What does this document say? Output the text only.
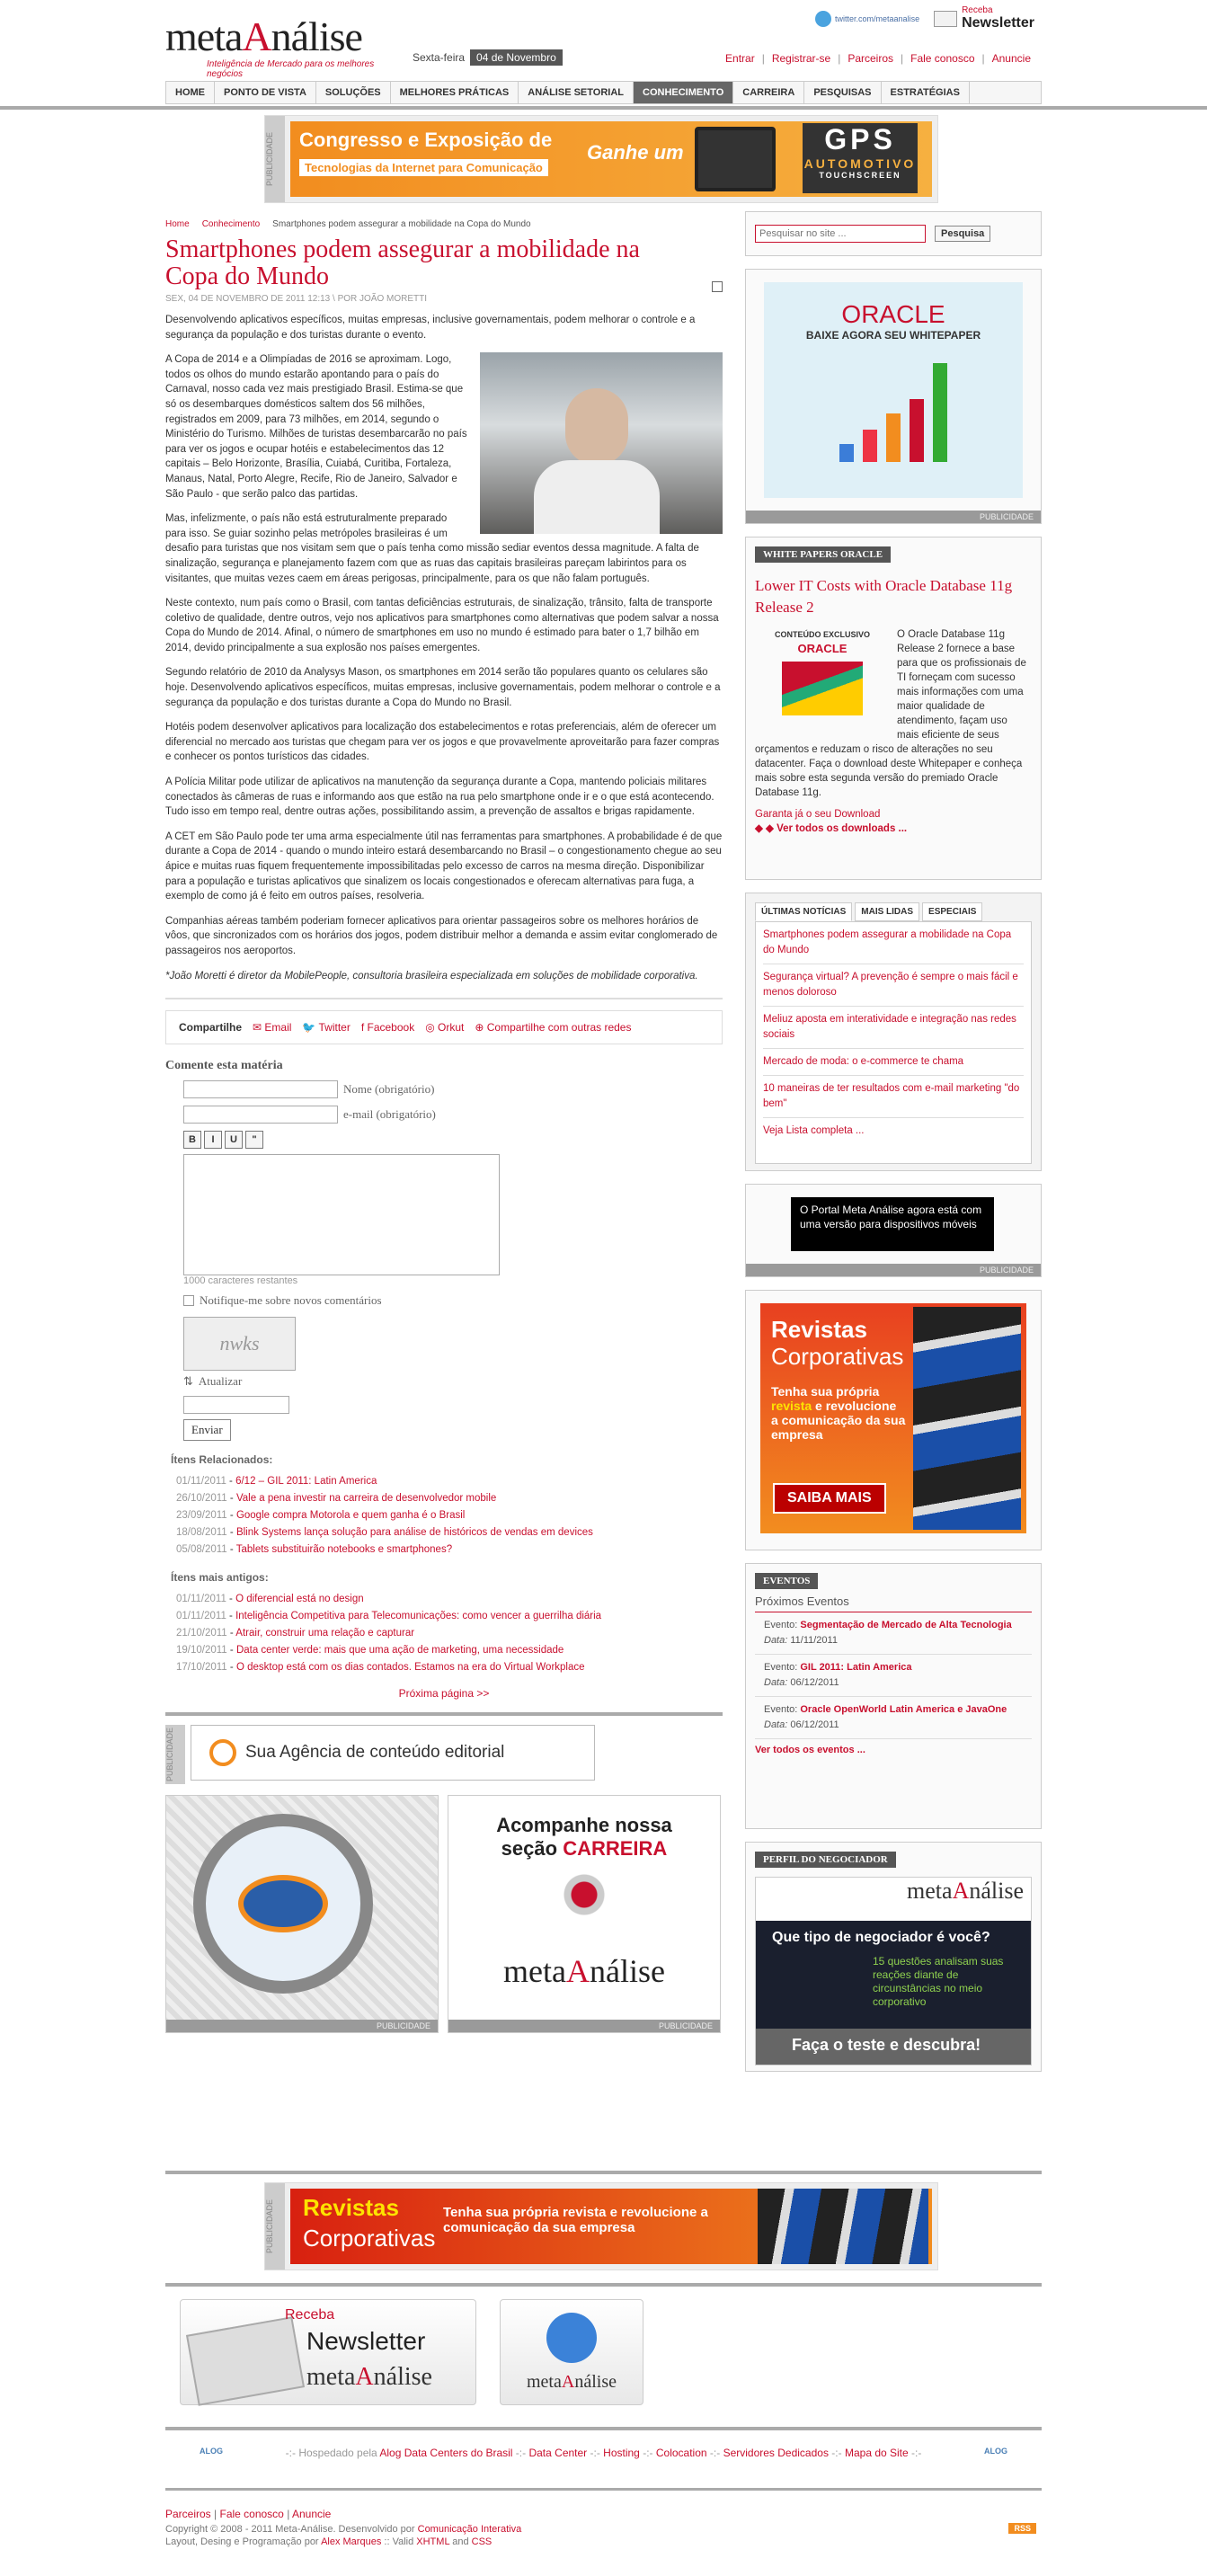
metaAnálise
Inteligência de Mercado para os melhores negócios
Sexta-feira 04 de Novembro
twitter.com/metaanalise
Receba
Newsletter
Entrar | Registrar-se | Parceiros | Fale conosco | Anuncie
HOME	PONTO DE VISTA	SOLUÇÕES	MELHORES PRÁTICAS	ANÁLISE SETORIAL	CONHECIMENTO	CARREIRA	PESQUISAS	ESTRATÉGIAS
PUBLICIDADE	Congresso e Exposição de
Tecnologias da Internet para Comunicação
Ganhe um	GPS
AUTOMOTIVO
TOUCHSCREEN
Home Conhecimento Smartphones podem assegurar a mobilidade na Copa do Mundo
Smartphones podem assegurar a mobilidade na Copa do Mundo
SEX, 04 DE NOVEMBRO DE 2011 12:13 \ POR JOÃO MORETTI

Desenvolvendo aplicativos específicos, muitas empresas, inclusive governamentais, podem melhorar o controle e a segurança da população e dos turistas durante o evento.

A Copa de 2014 e a Olimpíadas de 2016 se aproximam. Logo, todos os olhos do mundo estarão apontando para o país do Carnaval, nosso cada vez mais prestigiado Brasil. Estima-se que só os desembarques domésticos saltem dos 56 milhões, registrados em 2009, para 73 milhões, em 2014, segundo o Ministério do Turismo. Milhões de turistas desembarcarão no país para ver os jogos e ocupar hotéis e estabelecimentos das 12 capitais – Belo Horizonte, Brasília, Cuiabá, Curitiba, Fortaleza, Manaus, Natal, Porto Alegre, Recife, Rio de Janeiro, Salvador e São Paulo - que serão palco das partidas.

Mas, infelizmente, o país não está estruturalmente preparado para isso. Se guiar sozinho pelas metrópoles brasileiras é um desafio para turistas que nos visitam sem que o país tenha como missão sediar eventos dessa magnitude. A falta de sinalização, segurança e planejamento fazem com que as ruas das capitais brasileiras pareçam labirintos para os visitantes, que muitas vezes caem em áreas perigosas, principalmente, para os que não falam português.

Neste contexto, num país como o Brasil, com tantas deficiências estruturais, de sinalização, trânsito, falta de transporte coletivo de qualidade, dentre outros, vejo nos aplicativos para smartphones como alternativas que podem salvar a nossa Copa do Mundo de 2014. Afinal, o número de smartphones em uso no mundo é estimado para bater o 1,7 bilhão em 2014, devido principalmente a sua explosão nos países emergentes.

Segundo relatório de 2010 da Analysys Mason, os smartphones em 2014 serão tão populares quanto os celulares são hoje. Desenvolvendo aplicativos específicos, muitas empresas, inclusive governamentais, podem melhorar o controle e a segurança da população e dos turistas durante a Copa do Mundo no Brasil.

Hotéis podem desenvolver aplicativos para localização dos estabelecimentos e rotas preferenciais, além de oferecer um diferencial no mercado aos turistas que chegam para ver os jogos e que provavelmente aproveitarão para fazer compras e conhecer os pontos turísticos das cidades.

A Polícia Militar pode utilizar de aplicativos na manutenção da segurança durante a Copa, mantendo policiais militares conectados às câmeras de ruas e informando aos que estão na rua pelo smartphone onde ir e o que está acontecendo. Tudo isso em tempo real, dentre outras ações, possibilitando assim, a prevenção de assaltos e brigas rapidamente.

A CET em São Paulo pode ter uma arma especialmente útil nas ferramentas para smartphones. A probabilidade é de que durante a Copa de 2014 - quando o mundo inteiro estará desembarcando no Brasil – o congestionamento chegue ao seu ápice e muitas ruas fiquem frequentemente impossibilitadas pelo excesso de carros na mesma direção. Disponibilizar para a população e turistas aplicativos que sinalizem os locais congestionados e oferecam alternativas para fuga, a exemplo de como já é feito em outros países, resolveria.

Companhias aéreas também poderiam fornecer aplicativos para orientar passageiros sobre os melhores horários de vôos, que sincronizados com os horários dos jogos, podem distribuir melhor a demanda e assim evitar conglomerado de passageiros nos aeroportos.

*João Moretti é diretor da MobilePeople, consultoria brasileira especializada em soluções de mobilidade corporativa.

Compartilhe ✉ Email 🐦 Twitter f Facebook ◎ Orkut ⊕ Compartilhe com outras redes
Comente esta matéria
Nome (obrigatório)
e-mail (obrigatório)
B	I	U	"
1000 caracteres restantes
Notifique-me sobre novos comentários
nwks
⇅ Atualizar
Enviar
Ítens Relacionados:
01/11/2011 - 6/12 – GIL 2011: Latin America
26/10/2011 - Vale a pena investir na carreira de desenvolvedor mobile
23/09/2011 - Google compra Motorola e quem ganha é o Brasil
18/08/2011 - Blink Systems lança solução para análise de históricos de vendas em devices
05/08/2011 - Tablets substituirão notebooks e smartphones?
Ítens mais antigos:
01/11/2011 - O diferencial está no design
01/11/2011 - Inteligência Competitiva para Telecomunicações: como vencer a guerrilha diária
21/10/2011 - Atrair, construir uma relação e capturar
19/10/2011 - Data center verde: mais que uma ação de marketing, uma necessidade
17/10/2011 - O desktop está com os dias contados. Estamos na era do Virtual Workplace
Próxima página >>
PUBLICIDADE	Sua Agência de conteúdo editorial
PUBLICIDADE
Acompanhe nossa
seção CARREIRA
metaAnálise
PUBLICIDADE
Pesquisar no site ...
Pesquisa
ORACLE
BAIXE AGORA SEU WHITEPAPER
PUBLICIDADE
WHITE PAPERS ORACLE
Lower IT Costs with Oracle Database 11g Release 2
CONTEÚDO EXCLUSIVO
ORACLE
O Oracle Database 11g Release 2 fornece a base para que os profissionais de TI forneçam com sucesso mais informações com uma maior qualidade de atendimento, façam uso mais eficiente de seus orçamentos e reduzam o risco de alterações no seu datacenter. Faça o download deste Whitepaper e conheça mais sobre esta segunda versão do premiado Oracle Database 11g.
Garanta já o seu Download
◆ ◆ Ver todos os downloads ...
ÚLTIMAS NOTÍCIAS	MAIS LIDAS	ESPECIAIS
Smartphones podem assegurar a mobilidade na Copa do Mundo
Segurança virtual? A prevenção é sempre o mais fácil e menos doloroso
Meliuz aposta em interatividade e integração nas redes sociais
Mercado de moda: o e-commerce te chama
10 maneiras de ter resultados com e-mail marketing "do bem"
Veja Lista completa ...
O Portal Meta Análise agora está com uma versão para dispositivos móveis
PUBLICIDADE
Revistas
Corporativas
Tenha sua própria revista e revolucione a comunicação da sua empresa
SAIBA MAIS
EVENTOS
Próximos Eventos
Evento: Segmentação de Mercado de Alta Tecnologia
Data: 11/11/2011
Evento: GIL 2011: Latin America
Data: 06/12/2011
Evento: Oracle OpenWorld Latin America e JavaOne
Data: 06/12/2011
Ver todos os eventos ...
PERFIL DO NEGOCIADOR
metaAnálise
Que tipo de negociador é você?
15 questões analisam suas reações diante de circunstâncias no meio corporativo
Faça o teste e descubra!
PUBLICIDADE	Revistas
Corporativas
Tenha sua própria revista e revolucione a comunicação da sua empresa
Receba
Newsletter
metaAnálise	metaAnálise
ALOG	ALOG
-:- Hospedado pela Alog Data Centers do Brasil -:- Data Center -:- Hosting -:- Colocation -:- Servidores Dedicados -:- Mapa do Site -:-
Parceiros | Fale conosco | Anuncie
Copyright © 2008 - 2011 Meta-Análise. Desenvolvido por Comunicação Interativa
Layout, Desing e Programação por Alex Marques :: Valid XHTML and CSS
RSS
